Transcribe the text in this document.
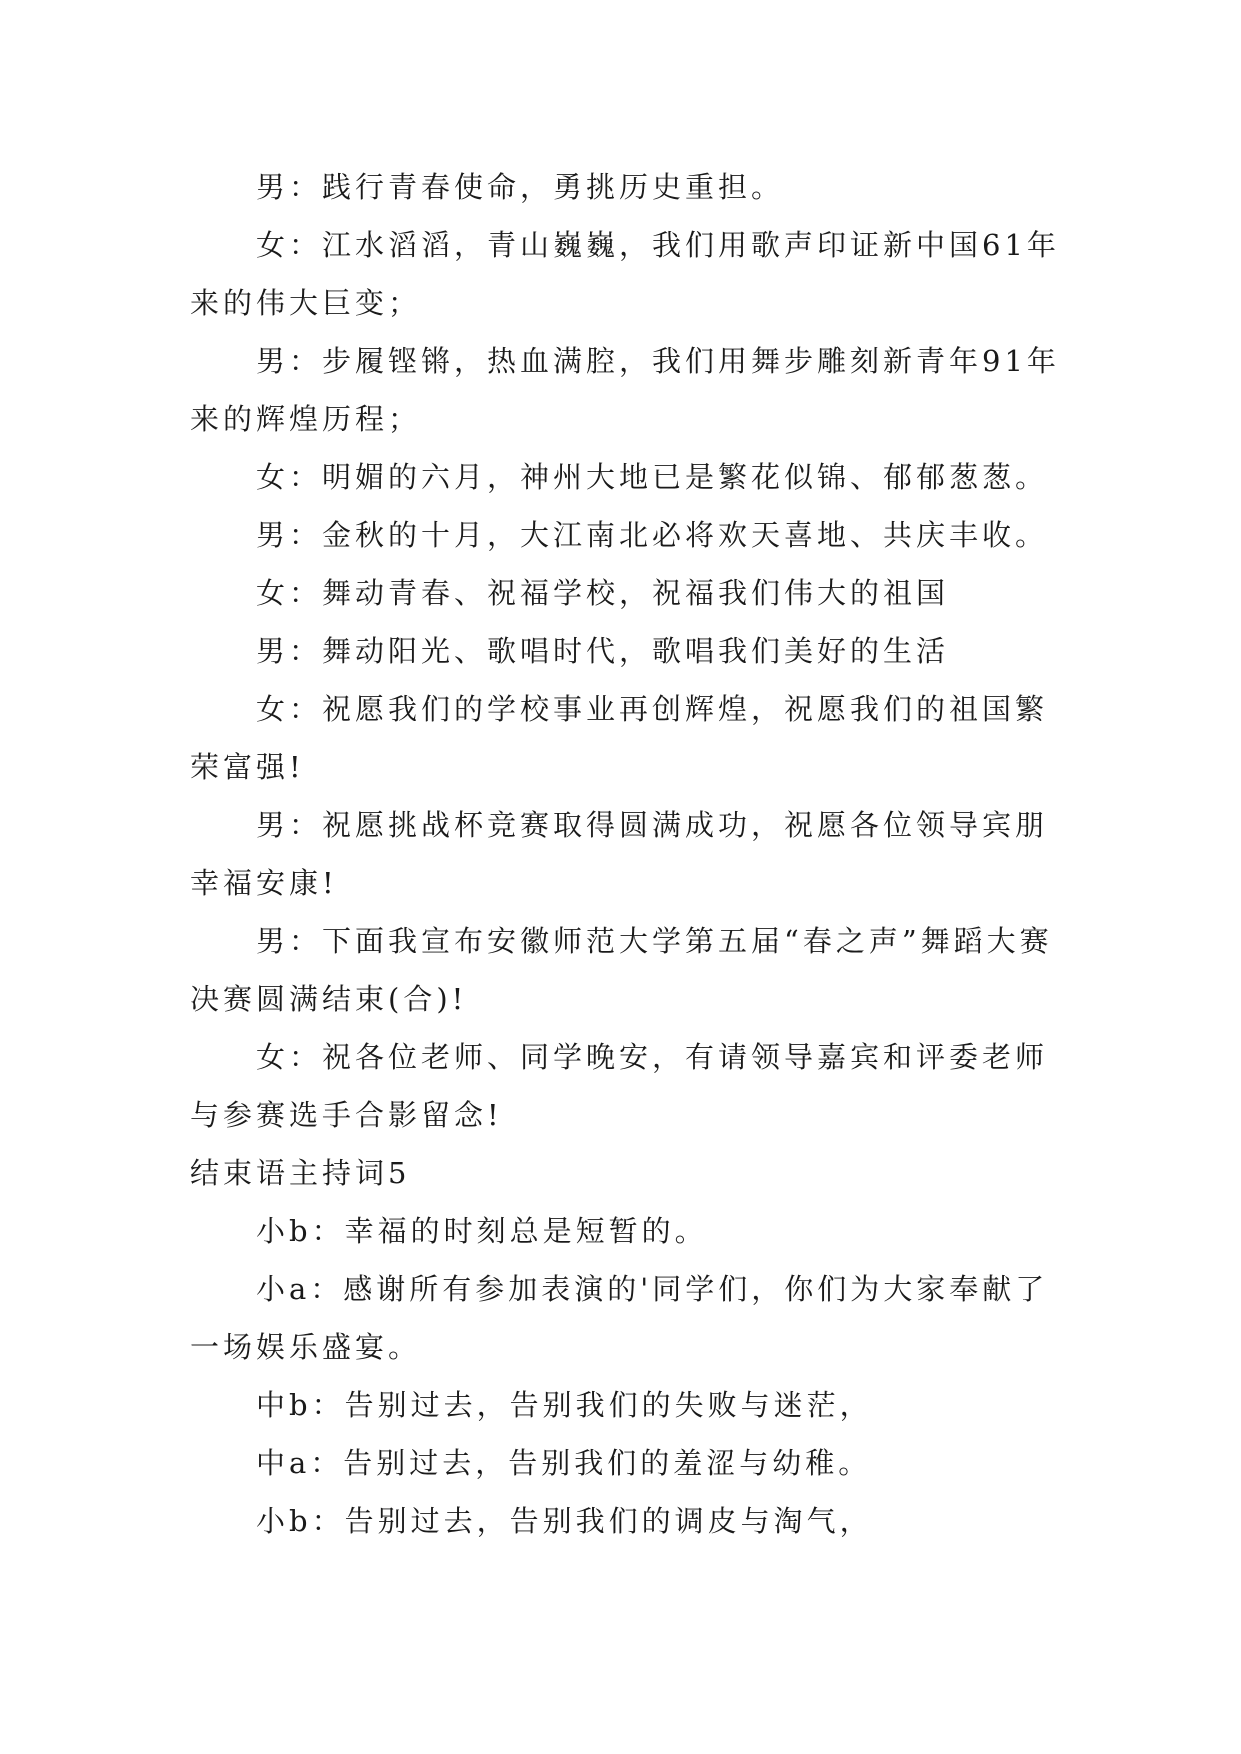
男：践行青春使命，勇挑历史重担。

女：江水滔滔，青山巍巍，我们用歌声印证新中国61年来的伟大巨变；

男：步履铿锵，热血满腔，我们用舞步雕刻新青年91年来的辉煌历程；

女：明媚的六月，神州大地已是繁花似锦、郁郁葱葱。

男：金秋的十月，大江南北必将欢天喜地、共庆丰收。

女：舞动青春、祝福学校，祝福我们伟大的祖国

男：舞动阳光、歌唱时代，歌唱我们美好的生活

女：祝愿我们的学校事业再创辉煌，祝愿我们的祖国繁荣富强!

男：祝愿挑战杯竞赛取得圆满成功，祝愿各位领导宾朋幸福安康!

男：下面我宣布安徽师范大学第五届“春之声”舞蹈大赛决赛圆满结束(合)!

女：祝各位老师、同学晚安，有请领导嘉宾和评委老师与参赛选手合影留念!

结束语主持词5

小b：幸福的时刻总是短暂的。

小a：感谢所有参加表演的'同学们，你们为大家奉献了一场娱乐盛宴。

中b：告别过去，告别我们的失败与迷茫，

中a：告别过去，告别我们的羞涩与幼稚。

小b：告别过去，告别我们的调皮与淘气，
